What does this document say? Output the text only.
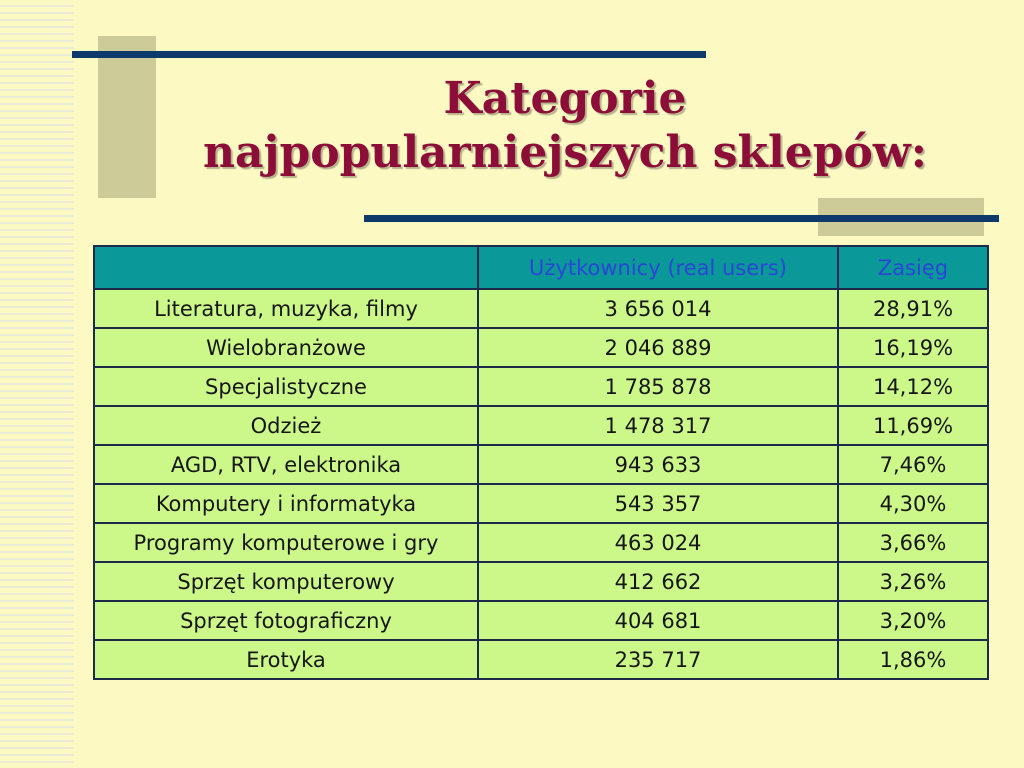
Kategorie
najpopularniejszych sklepów:
	Użytkownicy (real users)	Zasięg
Literatura, muzyka, filmy	3 656 014	28,91%
Wielobranżowe	2 046 889	16,19%
Specjalistyczne	1 785 878	14,12%
Odzież	1 478 317	11,69%
AGD, RTV, elektronika	943 633	7,46%
Komputery i informatyka	543 357	4,30%
Programy komputerowe i gry	463 024	3,66%
Sprzęt komputerowy	412 662	3,26%
Sprzęt fotograficzny	404 681	3,20%
Erotyka	235 717	1,86%
